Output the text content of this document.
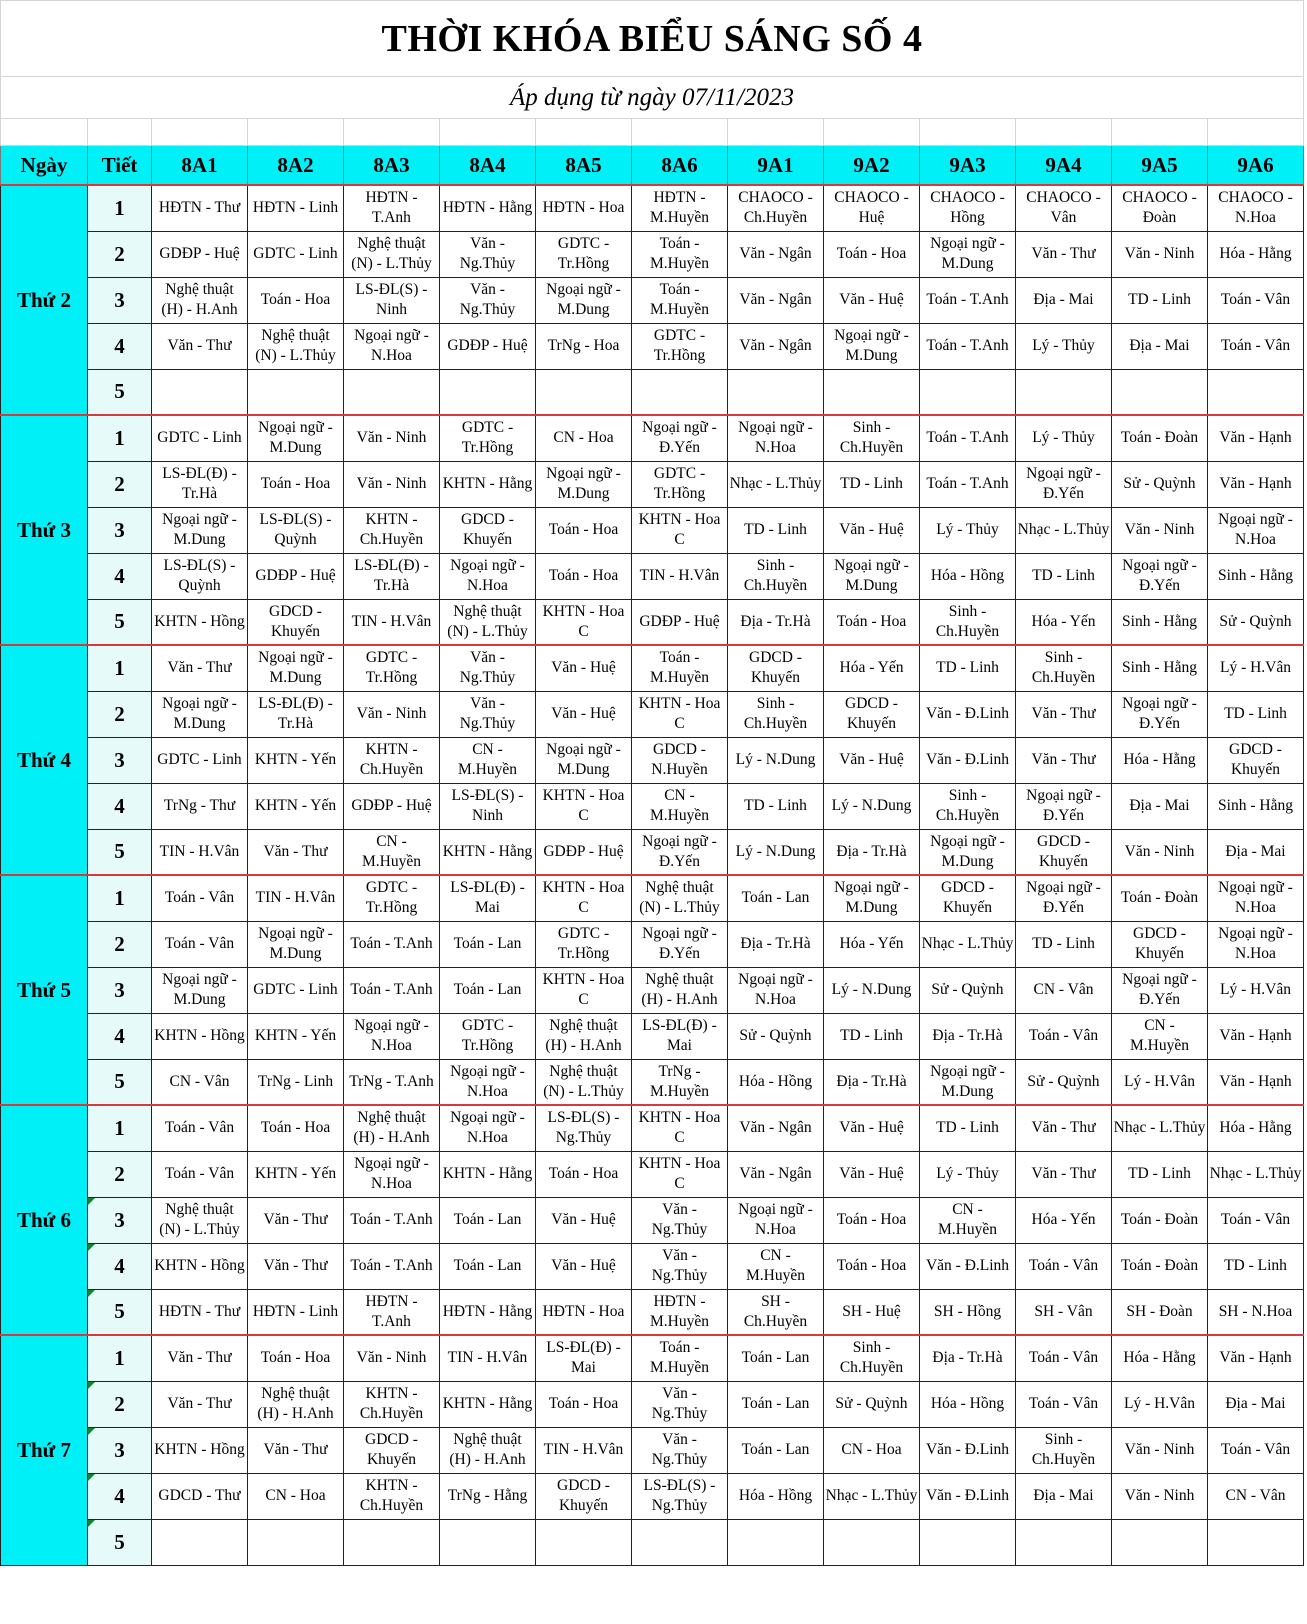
THỜI KHÓA BIỂU SÁNG SỐ 4													
Áp dụng từ ngày 07/11/2023													

Ngày	Tiết	8A1	8A2	8A3	8A4	8A5	8A6	9A1	9A2	9A3	9A4	9A5	9A6
Thứ 2	1	HĐTN - Thư	HĐTN - Linh	HĐTN - T.Anh	HĐTN - Hằng	HĐTN - Hoa	HĐTN - M.Huyền	CHAOCO - Ch.Huyền	CHAOCO - Huệ	CHAOCO - Hồng	CHAOCO - Vân	CHAOCO - Đoàn	CHAOCO - N.Hoa
	2	GDĐP - Huệ	GDTC - Linh	Nghệ thuật (N) - L.Thủy	Văn - Ng.Thủy	GDTC - Tr.Hồng	Toán - M.Huyền	Văn - Ngân	Toán - Hoa	Ngoại ngữ - M.Dung	Văn - Thư	Văn - Ninh	Hóa - Hằng
	3	Nghệ thuật (H) - H.Anh	Toán - Hoa	LS-ĐL(S) - Ninh	Văn - Ng.Thủy	Ngoại ngữ - M.Dung	Toán - M.Huyền	Văn - Ngân	Văn - Huệ	Toán - T.Anh	Địa - Mai	TD - Linh	Toán - Vân
	4	Văn - Thư	Nghệ thuật (N) - L.Thủy	Ngoại ngữ - N.Hoa	GDĐP - Huệ	TrNg - Hoa	GDTC - Tr.Hồng	Văn - Ngân	Ngoại ngữ - M.Dung	Toán - T.Anh	Lý - Thủy	Địa - Mai	Toán - Vân
	5												
Thứ 3	1	GDTC - Linh	Ngoại ngữ - M.Dung	Văn - Ninh	GDTC - Tr.Hồng	CN - Hoa	Ngoại ngữ - Đ.Yến	Ngoại ngữ - N.Hoa	Sinh - Ch.Huyền	Toán - T.Anh	Lý - Thủy	Toán - Đoàn	Văn - Hạnh
	2	LS-ĐL(Đ) - Tr.Hà	Toán - Hoa	Văn - Ninh	KHTN - Hằng	Ngoại ngữ - M.Dung	GDTC - Tr.Hồng	Nhạc - L.Thủy	TD - Linh	Toán - T.Anh	Ngoại ngữ - Đ.Yến	Sử - Quỳnh	Văn - Hạnh
	3	Ngoại ngữ - M.Dung	LS-ĐL(S) - Quỳnh	KHTN - Ch.Huyền	GDCD - Khuyến	Toán - Hoa	KHTN - Hoa C	TD - Linh	Văn - Huệ	Lý - Thủy	Nhạc - L.Thủy	Văn - Ninh	Ngoại ngữ - N.Hoa
	4	LS-ĐL(S) - Quỳnh	GDĐP - Huệ	LS-ĐL(Đ) - Tr.Hà	Ngoại ngữ - N.Hoa	Toán - Hoa	TIN - H.Vân	Sinh - Ch.Huyền	Ngoại ngữ - M.Dung	Hóa - Hồng	TD - Linh	Ngoại ngữ - Đ.Yến	Sinh - Hằng
	5	KHTN - Hồng	GDCD - Khuyến	TIN - H.Vân	Nghệ thuật (N) - L.Thủy	KHTN - Hoa C	GDĐP - Huệ	Địa - Tr.Hà	Toán - Hoa	Sinh - Ch.Huyền	Hóa - Yến	Sinh - Hằng	Sử - Quỳnh
Thứ 4	1	Văn - Thư	Ngoại ngữ - M.Dung	GDTC - Tr.Hồng	Văn - Ng.Thủy	Văn - Huệ	Toán - M.Huyền	GDCD - Khuyến	Hóa - Yến	TD - Linh	Sinh - Ch.Huyền	Sinh - Hằng	Lý - H.Vân
	2	Ngoại ngữ - M.Dung	LS-ĐL(Đ) - Tr.Hà	Văn - Ninh	Văn - Ng.Thủy	Văn - Huệ	KHTN - Hoa C	Sinh - Ch.Huyền	GDCD - Khuyến	Văn - Đ.Linh	Văn - Thư	Ngoại ngữ - Đ.Yến	TD - Linh
	3	GDTC - Linh	KHTN - Yến	KHTN - Ch.Huyền	CN - M.Huyền	Ngoại ngữ - M.Dung	GDCD - N.Huyền	Lý - N.Dung	Văn - Huệ	Văn - Đ.Linh	Văn - Thư	Hóa - Hằng	GDCD - Khuyến
	4	TrNg - Thư	KHTN - Yến	GDĐP - Huệ	LS-ĐL(S) - Ninh	KHTN - Hoa C	CN - M.Huyền	TD - Linh	Lý - N.Dung	Sinh - Ch.Huyền	Ngoại ngữ - Đ.Yến	Địa - Mai	Sinh - Hằng
	5	TIN - H.Vân	Văn - Thư	CN - M.Huyền	KHTN - Hằng	GDĐP - Huệ	Ngoại ngữ - Đ.Yến	Lý - N.Dung	Địa - Tr.Hà	Ngoại ngữ - M.Dung	GDCD - Khuyến	Văn - Ninh	Địa - Mai
Thứ 5	1	Toán - Vân	TIN - H.Vân	GDTC - Tr.Hồng	LS-ĐL(Đ) - Mai	KHTN - Hoa C	Nghệ thuật (N) - L.Thủy	Toán - Lan	Ngoại ngữ - M.Dung	GDCD - Khuyến	Ngoại ngữ - Đ.Yến	Toán - Đoàn	Ngoại ngữ - N.Hoa
	2	Toán - Vân	Ngoại ngữ - M.Dung	Toán - T.Anh	Toán - Lan	GDTC - Tr.Hồng	Ngoại ngữ - Đ.Yến	Địa - Tr.Hà	Hóa - Yến	Nhạc - L.Thủy	TD - Linh	GDCD - Khuyến	Ngoại ngữ - N.Hoa
	3	Ngoại ngữ - M.Dung	GDTC - Linh	Toán - T.Anh	Toán - Lan	KHTN - Hoa C	Nghệ thuật (H) - H.Anh	Ngoại ngữ - N.Hoa	Lý - N.Dung	Sử - Quỳnh	CN - Vân	Ngoại ngữ - Đ.Yến	Lý - H.Vân
	4	KHTN - Hồng	KHTN - Yến	Ngoại ngữ - N.Hoa	GDTC - Tr.Hồng	Nghệ thuật (H) - H.Anh	LS-ĐL(Đ) - Mai	Sử - Quỳnh	TD - Linh	Địa - Tr.Hà	Toán - Vân	CN - M.Huyền	Văn - Hạnh
	5	CN - Vân	TrNg - Linh	TrNg - T.Anh	Ngoại ngữ - N.Hoa	Nghệ thuật (N) - L.Thủy	TrNg - M.Huyền	Hóa - Hồng	Địa - Tr.Hà	Ngoại ngữ - M.Dung	Sử - Quỳnh	Lý - H.Vân	Văn - Hạnh
Thứ 6	1	Toán - Vân	Toán - Hoa	Nghệ thuật (H) - H.Anh	Ngoại ngữ - N.Hoa	LS-ĐL(S) - Ng.Thủy	KHTN - Hoa C	Văn - Ngân	Văn - Huệ	TD - Linh	Văn - Thư	Nhạc - L.Thủy	Hóa - Hằng
	2	Toán - Vân	KHTN - Yến	Ngoại ngữ - N.Hoa	KHTN - Hằng	Toán - Hoa	KHTN - Hoa C	Văn - Ngân	Văn - Huệ	Lý - Thủy	Văn - Thư	TD - Linh	Nhạc - L.Thủy
	3	Nghệ thuật (N) - L.Thủy	Văn - Thư	Toán - T.Anh	Toán - Lan	Văn - Huệ	Văn - Ng.Thủy	Ngoại ngữ - N.Hoa	Toán - Hoa	CN - M.Huyền	Hóa - Yến	Toán - Đoàn	Toán - Vân
	4	KHTN - Hồng	Văn - Thư	Toán - T.Anh	Toán - Lan	Văn - Huệ	Văn - Ng.Thủy	CN - M.Huyền	Toán - Hoa	Văn - Đ.Linh	Toán - Vân	Toán - Đoàn	TD - Linh
	5	HĐTN - Thư	HĐTN - Linh	HĐTN - T.Anh	HĐTN - Hằng	HĐTN - Hoa	HĐTN - M.Huyền	SH - Ch.Huyền	SH - Huệ	SH - Hồng	SH - Vân	SH - Đoàn	SH - N.Hoa
Thứ 7	1	Văn - Thư	Toán - Hoa	Văn - Ninh	TIN - H.Vân	LS-ĐL(Đ) - Mai	Toán - M.Huyền	Toán - Lan	Sinh - Ch.Huyền	Địa - Tr.Hà	Toán - Vân	Hóa - Hằng	Văn - Hạnh
	2	Văn - Thư	Nghệ thuật (H) - H.Anh	KHTN - Ch.Huyền	KHTN - Hằng	Toán - Hoa	Văn - Ng.Thủy	Toán - Lan	Sử - Quỳnh	Hóa - Hồng	Toán - Vân	Lý - H.Vân	Địa - Mai
	3	KHTN - Hồng	Văn - Thư	GDCD - Khuyến	Nghệ thuật (H) - H.Anh	TIN - H.Vân	Văn - Ng.Thủy	Toán - Lan	CN - Hoa	Văn - Đ.Linh	Sinh - Ch.Huyền	Văn - Ninh	Toán - Vân
	4	GDCD - Thư	CN - Hoa	KHTN - Ch.Huyền	TrNg - Hằng	GDCD - Khuyến	LS-ĐL(S) - Ng.Thủy	Hóa - Hồng	Nhạc - L.Thủy	Văn - Đ.Linh	Địa - Mai	Văn - Ninh	CN - Vân
	5												
